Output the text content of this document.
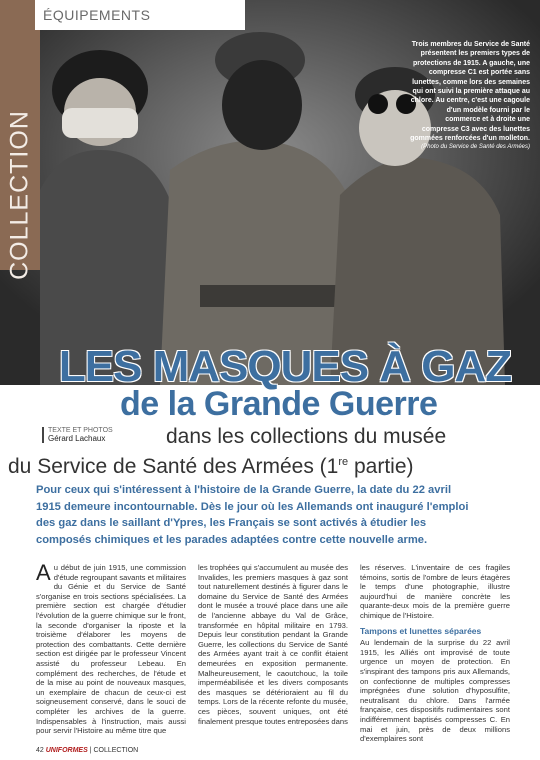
COLLECTION
ÉQUIPEMENTS
Trois membres du Service de Santé présentent les premiers types de protections de 1915. A gauche, une compresse C1 est portée sans lunettes, comme lors des semaines qui ont suivi la première attaque au chlore. Au centre, c'est une cagoule d'un modèle fourni par le commerce et à droite une compresse C3 avec des lunettes gommées renforcées d'un molleton.
(Photo du Service de Santé des Armées)
LES MASQUES À GAZ
de la Grande Guerre
TEXTE ET PHOTOS
Gérard Lachaux	dans les collections du musée
du Service de Santé des Armées (1re partie)
Pour ceux qui s'intéressent à l'histoire de la Grande Guerre, la date du 22 avril 1915 demeure incontournable. Dès le jour où les Allemands ont inauguré l'emploi des gaz dans le saillant d'Ypres, les Français se sont activés à étudier les composés chimiques et les parades adaptées contre cette nouvelle arme.
A u début de juin 1915, une commission d'étude regroupant savants et militaires du Génie et du Service de Santé s'organise en trois sections spécialisées. La première section est chargée d'étudier l'évolution de la guerre chimique sur le front, la seconde d'organiser la riposte et la troisième d'élaborer les moyens de protection des combattants. Cette dernière section est dirigée par le professeur Vincent assisté du professeur Lebeau. En complément des recherches, de l'étude et de la mise au point de nouveaux masques, un exemplaire de chacun de ceux-ci est soigneusement conservé, dans le souci de compléter les archives de la guerre. Indispensables à l'instruction, mais aussi pour servir l'Histoire au même titre que
les trophées qui s'accumulent au musée des Invalides, les premiers masques à gaz sont tout naturellement destinés à figurer dans le domaine du Service de Santé des Armées dont le musée a trouvé place dans une aile de l'ancienne abbaye du Val de Grâce, transformée en hôpital militaire en 1793. Depuis leur constitution pendant la Grande Guerre, les collections du Service de Santé des Armées ayant trait à ce conflit étaient demeurées en exposition permanente. Malheureusement, le caoutchouc, la toile imperméabilisée et les divers composants des masques se détérioraient au fil du temps. Lors de la récente refonte du musée, ces pièces, souvent uniques, ont été finalement presque toutes entreposées dans
les réserves. L'inventaire de ces fragiles témoins, sortis de l'ombre de leurs étagères le temps d'une photographie, illustre aujourd'hui de manière concrète les quarante-deux mois de la première guerre chimique de l'Histoire.
Tampons et lunettes séparées
Au lendemain de la surprise du 22 avril 1915, les Alliés ont improvisé de toute urgence un moyen de protection. En s'inspirant des tampons pris aux Allemands, on confectionne de multiples compresses imprégnées d'une solution d'hyposulfite, neutralisant du chlore. Dans l'armée française, ces dispositifs rudimentaires sont indifféremment baptisés compresses C. En mai et juin, près de deux millions d'exemplaires sont
42 UNIFORMES | COLLECTION
